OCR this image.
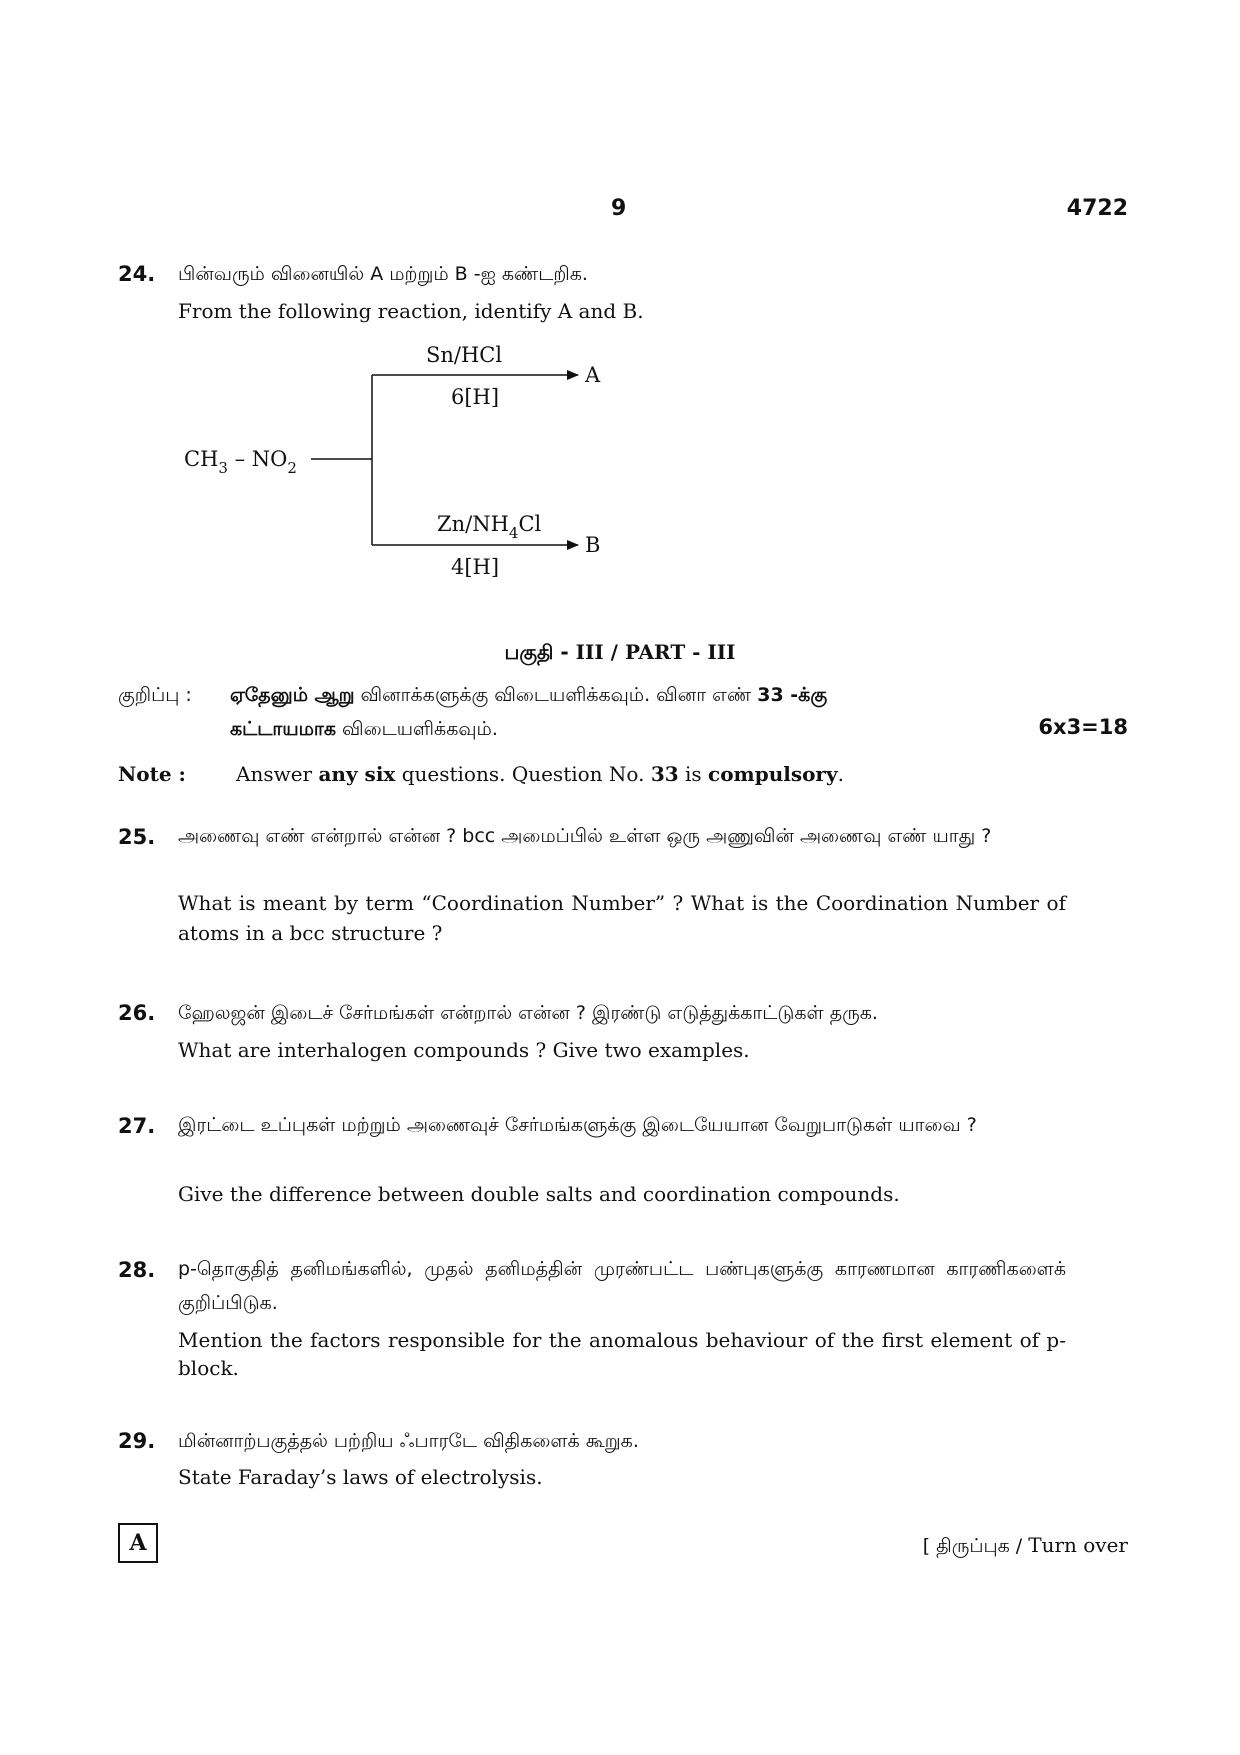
9	4722
24. பின்வரும் வினையில் A மற்றும் B -ஐ கண்டறிக.
From the following reaction, identify A and B.
$CH_3 - NO_2$
Sn/HCl
6[H]
A
$Zn/NH_4Cl$
4[H]
B
பகுதி - III / PART - III
குறிப்பு : ஏதேனும் ஆறு வினாக்களுக்கு விடையளிக்கவும். வினா எண் 33 -க்கு
கட்டாயமாக விடையளிக்கவும்.	6x3=18
Note :	Answer any six questions. Question No. 33 is compulsory.
25. அணைவு எண் என்றால் என்ன ? bcc அமைப்பில் உள்ள ஒரு அணுவின் அணைவு எண் யாது ?
What is meant by term “Coordination Number” ? What is the Coordination Number of atoms in a bcc structure ?
26. ஹேலஜன் இடைச் சேர்மங்கள் என்றால் என்ன ? இரண்டு எடுத்துக்காட்டுகள் தருக.
What are interhalogen compounds ? Give two examples.
27. இரட்டை உப்புகள் மற்றும் அணைவுச் சேர்மங்களுக்கு இடையேயான வேறுபாடுகள் யாவை ?
Give the difference between double salts and coordination compounds.
28. p-தொகுதித் தனிமங்களில், முதல் தனிமத்தின் முரண்பட்ட பண்புகளுக்கு காரணமான காரணிகளைக் குறிப்பிடுக.
Mention the factors responsible for the anomalous behaviour of the first element of p-block.
29. மின்னாற்பகுத்தல் பற்றிய ஃபாரடே விதிகளைக் கூறுக.
State Faraday’s laws of electrolysis.
A	[ திருப்புக / Turn over
